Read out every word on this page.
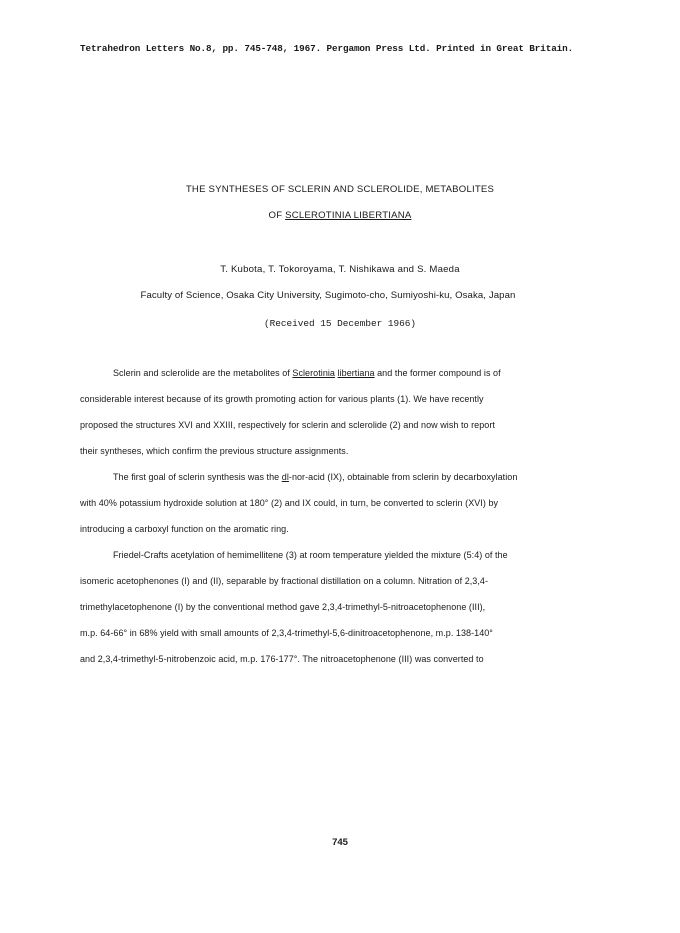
Tetrahedron Letters No.8, pp. 745-748, 1967. Pergamon Press Ltd. Printed in Great Britain.
THE SYNTHESES OF SCLERIN AND SCLEROLIDE, METABOLITES
OF SCLEROTINIA LIBERTIANA
T. Kubota, T. Tokoroyama, T. Nishikawa and S. Maeda
Faculty of Science, Osaka City University, Sugimoto-cho, Sumiyoshi-ku, Osaka, Japan
(Received 15 December 1966)
Sclerin and sclerolide are the metabolites of Sclerotinia libertiana and the former compound is of
considerable interest because of its growth promoting action for various plants (1). We have recently
proposed the structures XVI and XXIII, respectively for sclerin and sclerolide (2) and now wish to report
their syntheses, which confirm the previous structure assignments.
The first goal of sclerin synthesis was the dl-nor-acid (IX), obtainable from sclerin by decarboxylation
with 40% potassium hydroxide solution at 180° (2) and IX could, in turn, be converted to sclerin (XVI) by
introducing a carboxyl function on the aromatic ring.
Friedel-Crafts acetylation of hemimellitene (3) at room temperature yielded the mixture (5:4) of the
isomeric acetophenones (I) and (II), separable by fractional distillation on a column. Nitration of 2,3,4-
trimethylacetophenone (I) by the conventional method gave 2,3,4-trimethyl-5-nitroacetophenone (III),
m.p. 64-66° in 68% yield with small amounts of 2,3,4-trimethyl-5,6-dinitroacetophenone, m.p. 138-140°
and 2,3,4-trimethyl-5-nitrobenzoic acid, m.p. 176-177°. The nitroacetophenone (III) was converted to
745
